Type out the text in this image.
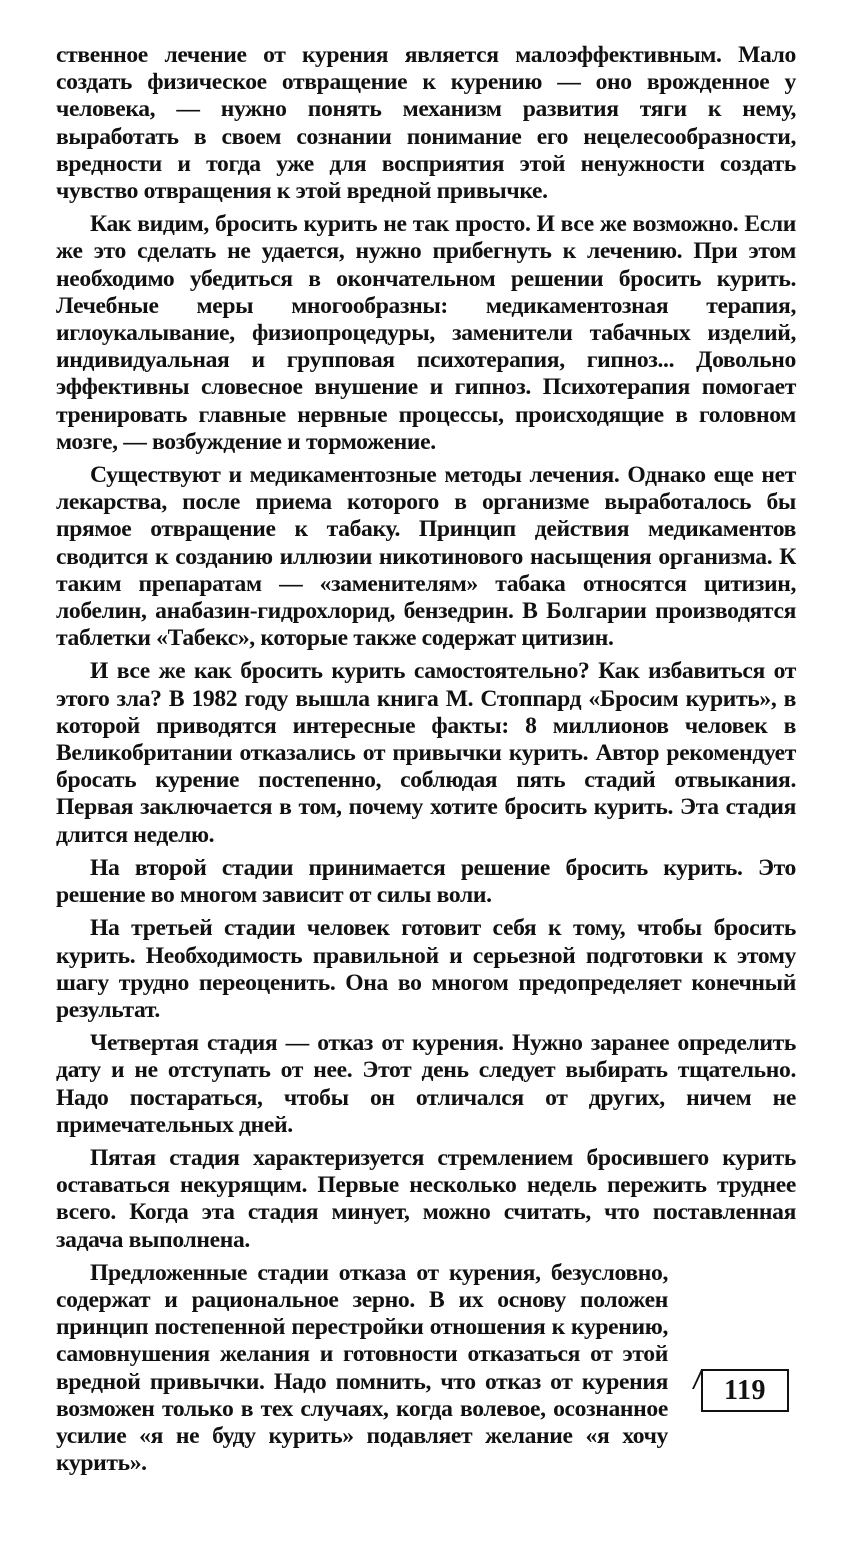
ственное лечение от курения является малоэффективным. Мало создать физическое отвращение к курению — оно врожденное у человека, — нужно понять механизм развития тяги к нему, выработать в своем сознании понимание его нецелесообразности, вредности и тогда уже для восприятия этой ненужности создать чувство отвращения к этой вредной привычке.

Как видим, бросить курить не так просто. И все же возможно. Если же это сделать не удается, нужно прибегнуть к лечению. При этом необходимо убедиться в окончательном решении бросить курить. Лечебные меры многообразны: медикаментозная терапия, иглоукалывание, физиопроцедуры, заменители табачных изделий, индивидуальная и групповая психотерапия, гипноз... Довольно эффективны словесное внушение и гипноз. Психотерапия помогает тренировать главные нервные процессы, происходящие в головном мозге, — возбуждение и торможение.

Существуют и медикаментозные методы лечения. Однако еще нет лекарства, после приема которого в организме выработалось бы прямое отвращение к табаку. Принцип действия медикаментов сводится к созданию иллюзии никотинового насыщения организма. К таким препаратам — «заменителям» табака относятся цитизин, лобелин, анабазин-гидрохлорид, бензедрин. В Болгарии производятся таблетки «Табекс», которые также содержат цитизин.

И все же как бросить курить самостоятельно? Как избавиться от этого зла? В 1982 году вышла книга М. Стоппард «Бросим курить», в которой приводятся интересные факты: 8 миллионов человек в Великобритании отказались от привычки курить. Автор рекомендует бросать курение постепенно, соблюдая пять стадий отвыкания. Первая заключается в том, почему хотите бросить курить. Эта стадия длится неделю.

На второй стадии принимается решение бросить курить. Это решение во многом зависит от силы воли.

На третьей стадии человек готовит себя к тому, чтобы бросить курить. Необходимость правильной и серьезной подготовки к этому шагу трудно переоценить. Она во многом предопределяет конечный результат.

Четвертая стадия — отказ от курения. Нужно заранее определить дату и не отступать от нее. Этот день следует выбирать тщательно. Надо постараться, чтобы он отличался от других, ничем не примечательных дней.

Пятая стадия характеризуется стремлением бросившего курить оставаться некурящим. Первые несколько недель пережить труднее всего. Когда эта стадия минует, можно считать, что поставленная задача выполнена.

Предложенные стадии отказа от курения, безусловно, содержат и рациональное зерно. В их основу положен принцип постепенной перестройки отношения к курению, самовнушения желания и готовности отказаться от этой вредной привычки. Надо помнить, что отказ от курения возможен только в тех случаях, когда волевое, осознанное усилие «я не буду курить» подавляет желание «я хочу курить».

119
